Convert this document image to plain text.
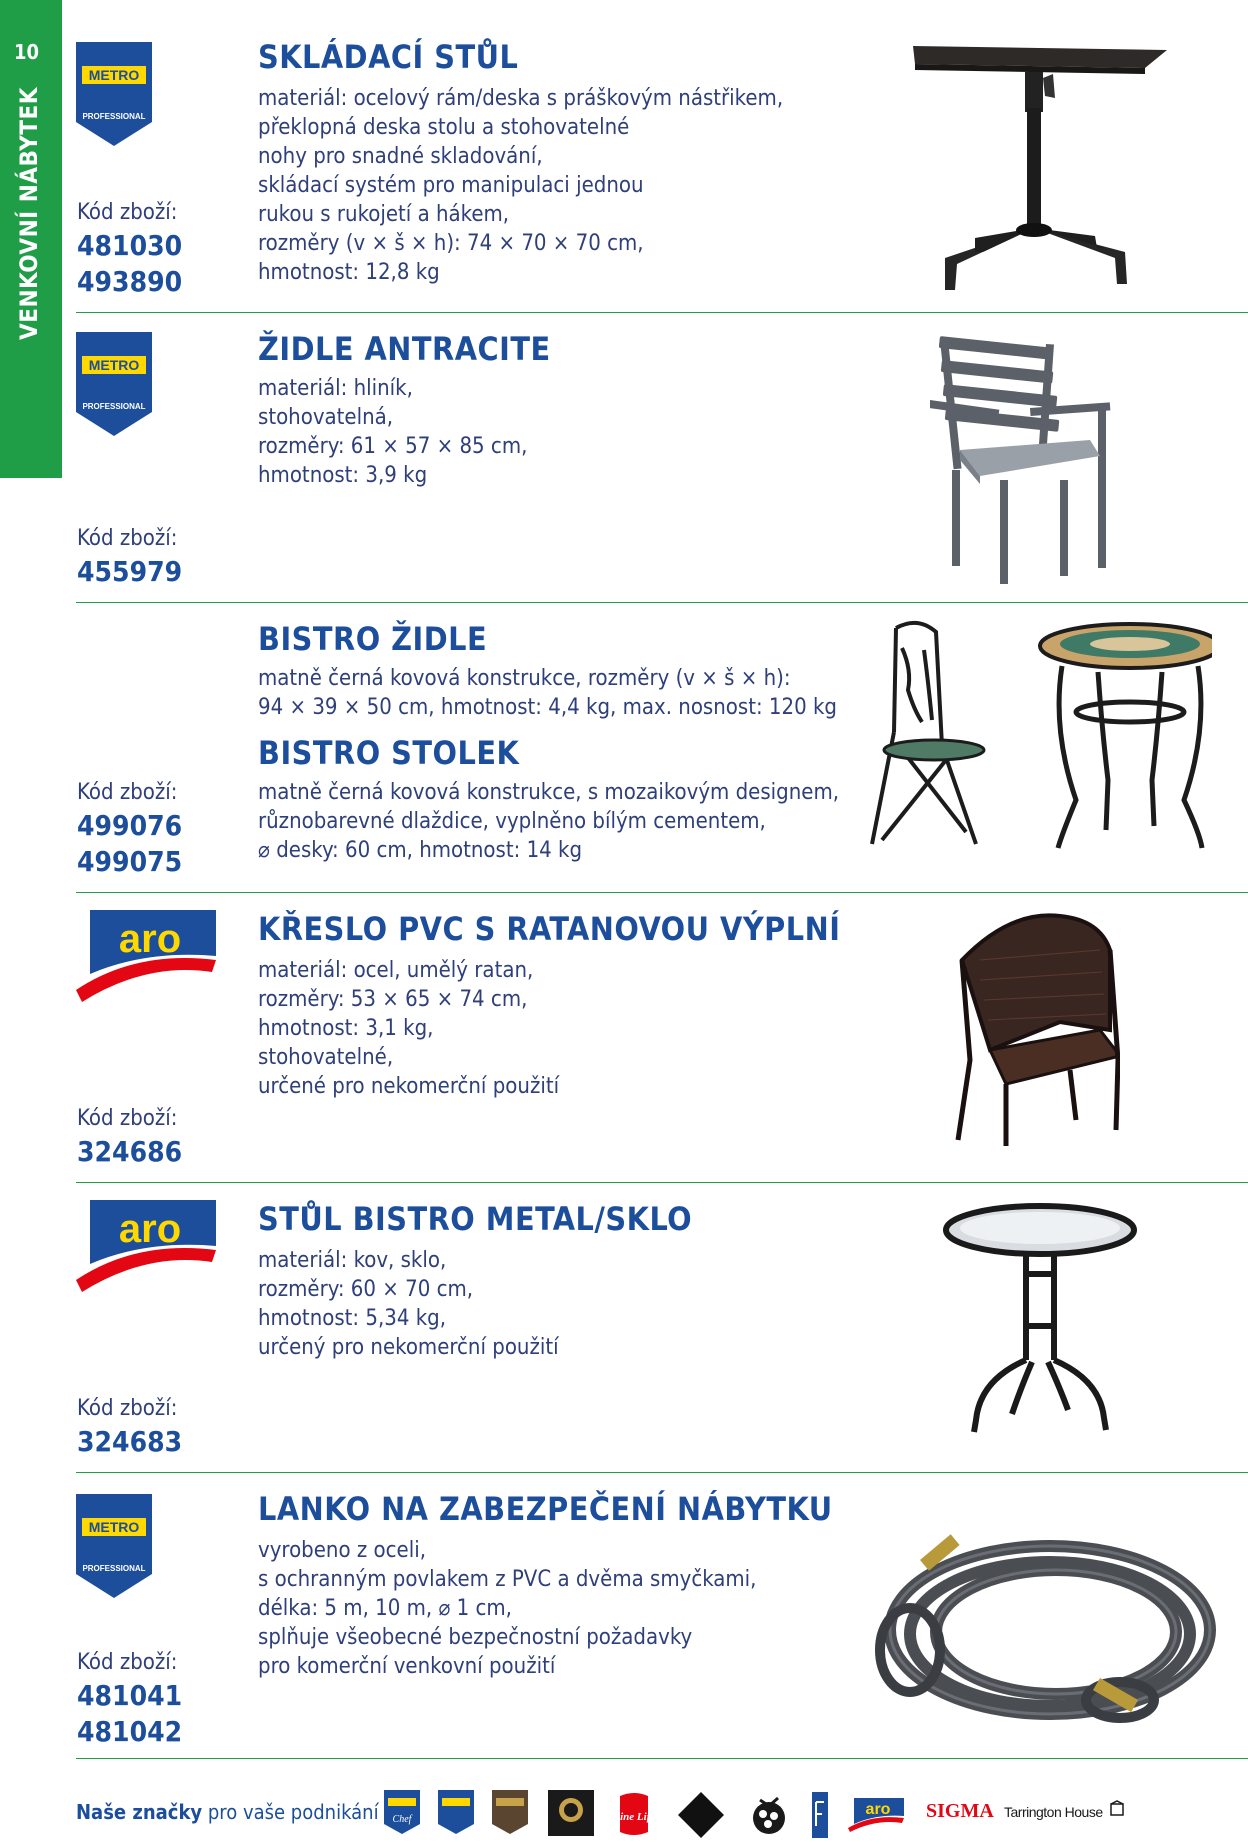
10
VENKOVNÍ NÁBYTEK
METRO
PROFESSIONAL
SKLÁDACÍ STŮL
materiál: ocelový rám/deska s práškovým nástřikem,
překlopná deska stolu a stohovatelné
nohy pro snadné skladování,
skládací systém pro manipulaci jednou
rukou s rukojetí a hákem,
rozměry (v × š × h): 74 × 70 × 70 cm,
hmotnost: 12,8 kg
Kód zboží:
481030
493890
METRO
PROFESSIONAL
ŽIDLE ANTRACITE
materiál: hliník,
stohovatelná,
rozměry: 61 × 57 × 85 cm,
hmotnost: 3,9 kg
Kód zboží:
455979
BISTRO ŽIDLE
matně černá kovová konstrukce, rozměry (v × š × h):
94 × 39 × 50 cm, hmotnost: 4,4 kg, max. nosnost: 120 kg
BISTRO STOLEK
matně černá kovová konstrukce, s mozaikovým designem,
různobarevné dlaždice, vyplněno bílým cementem,
⌀ desky: 60 cm, hmotnost: 14 kg
Kód zboží:
499076
499075
aro KŘESLO PVC S RATANOVOU VÝPLNÍ
materiál: ocel, umělý ratan,
rozměry: 53 × 65 × 74 cm,
hmotnost: 3,1 kg,
stohovatelné,
určené pro nekomerční použití
Kód zboží:
324686
aro STŮL BISTRO METAL/SKLO
materiál: kov, sklo,
rozměry: 60 × 70 cm,
hmotnost: 5,34 kg,
určený pro nekomerční použití
Kód zboží:
324683
METRO
PROFESSIONAL
LANKO NA ZABEZPEČENÍ NÁBYTKU
vyrobeno z oceli,
s ochranným povlakem z PVC a dvěma smyčkami,
délka: 5 m, 10 m, ⌀ 1 cm,
splňuje všeobecné bezpečnostní požadavky
pro komerční venkovní použití
Kód zboží:
481041
481042
Naše značky pro vaše podnikání Chef	Fine Life	aro SIGMA Tarrington House
